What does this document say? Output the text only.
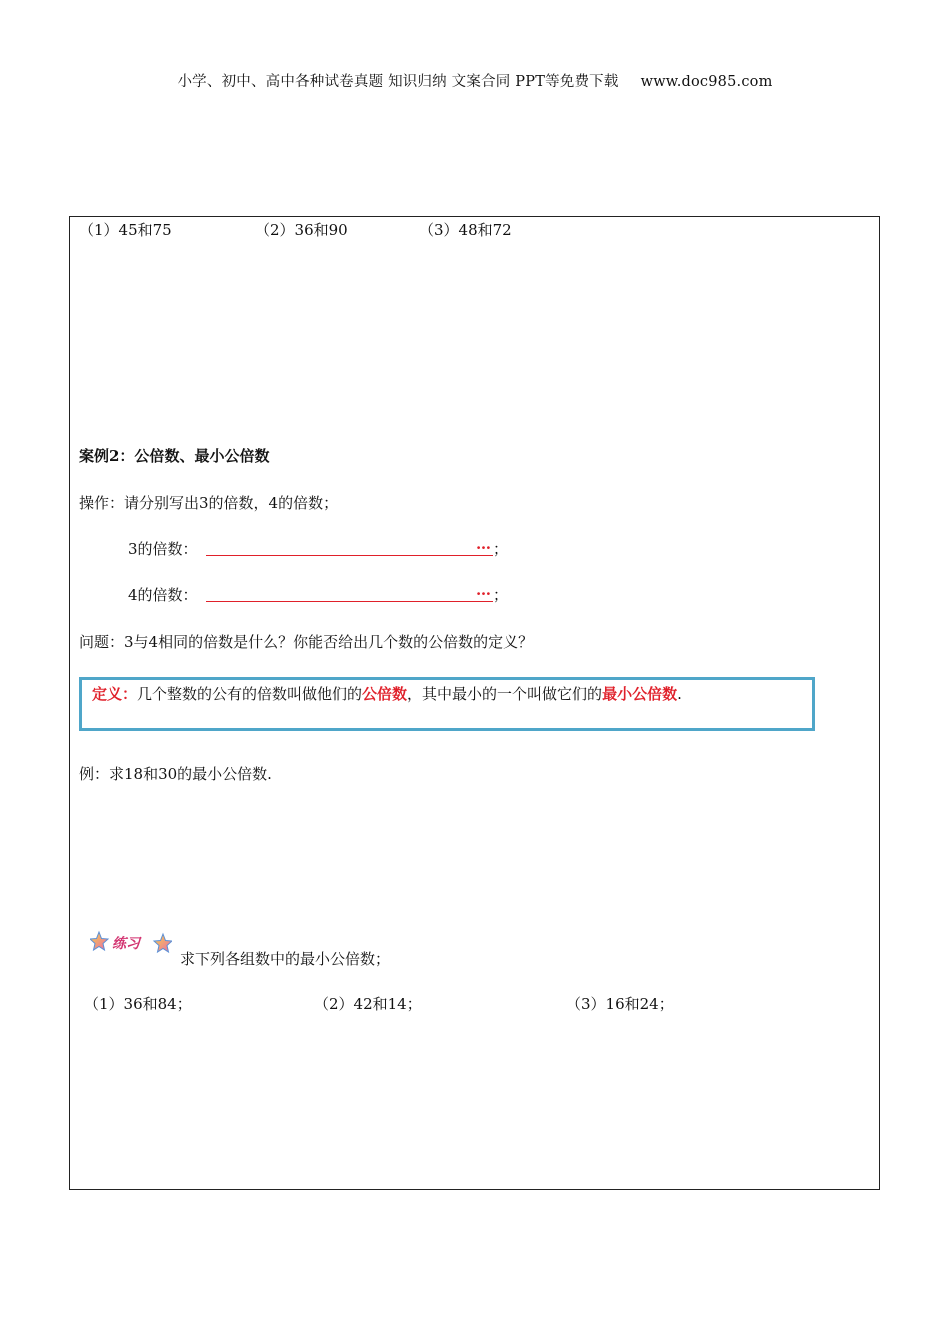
小学、初中、高中各种试卷真题 知识归纳 文案合同 PPT等免费下载 www.doc985.com
（1）45和75	（2）36和90	（3）48和72
案例2：公倍数、最小公倍数
操作：请分别写出3的倍数，4的倍数；
3的倍数：	… ；
4的倍数：	… ；
问题：3与4相同的倍数是什么？你能否给出几个数的公倍数的定义？
定义：几个整数的公有的倍数叫做他们的公倍数，其中最小的一个叫做它们的最小公倍数.
例：求18和30的最小公倍数.
练习
求下列各组数中的最小公倍数；
（1）36和84；	（2）42和14；	（3）16和24；
